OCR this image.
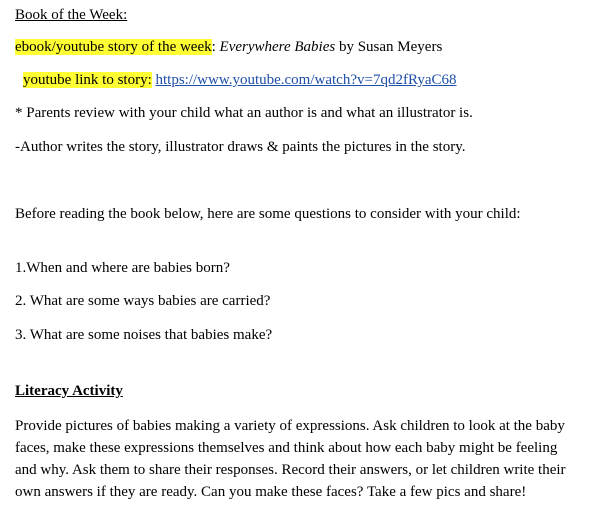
Book of the Week:
ebook/youtube story of the week: Everywhere Babies by Susan Meyers
youtube link to story: https://www.youtube.com/watch?v=7qd2fRyaC68
* Parents review with your child what an author is and what an illustrator is.
-Author writes the story, illustrator draws & paints the pictures in the story.
Before reading the book below, here are some questions to consider with your child:
1.When and where are babies born?
2. What are some ways babies are carried?
3. What are some noises that babies make?
Literacy Activity
Provide pictures of babies making a variety of expressions. Ask children to look at the baby faces, make these expressions themselves and think about how each baby might be feeling and why. Ask them to share their responses. Record their answers, or let children write their own answers if they are ready. Can you make these faces? Take a few pics and share!
